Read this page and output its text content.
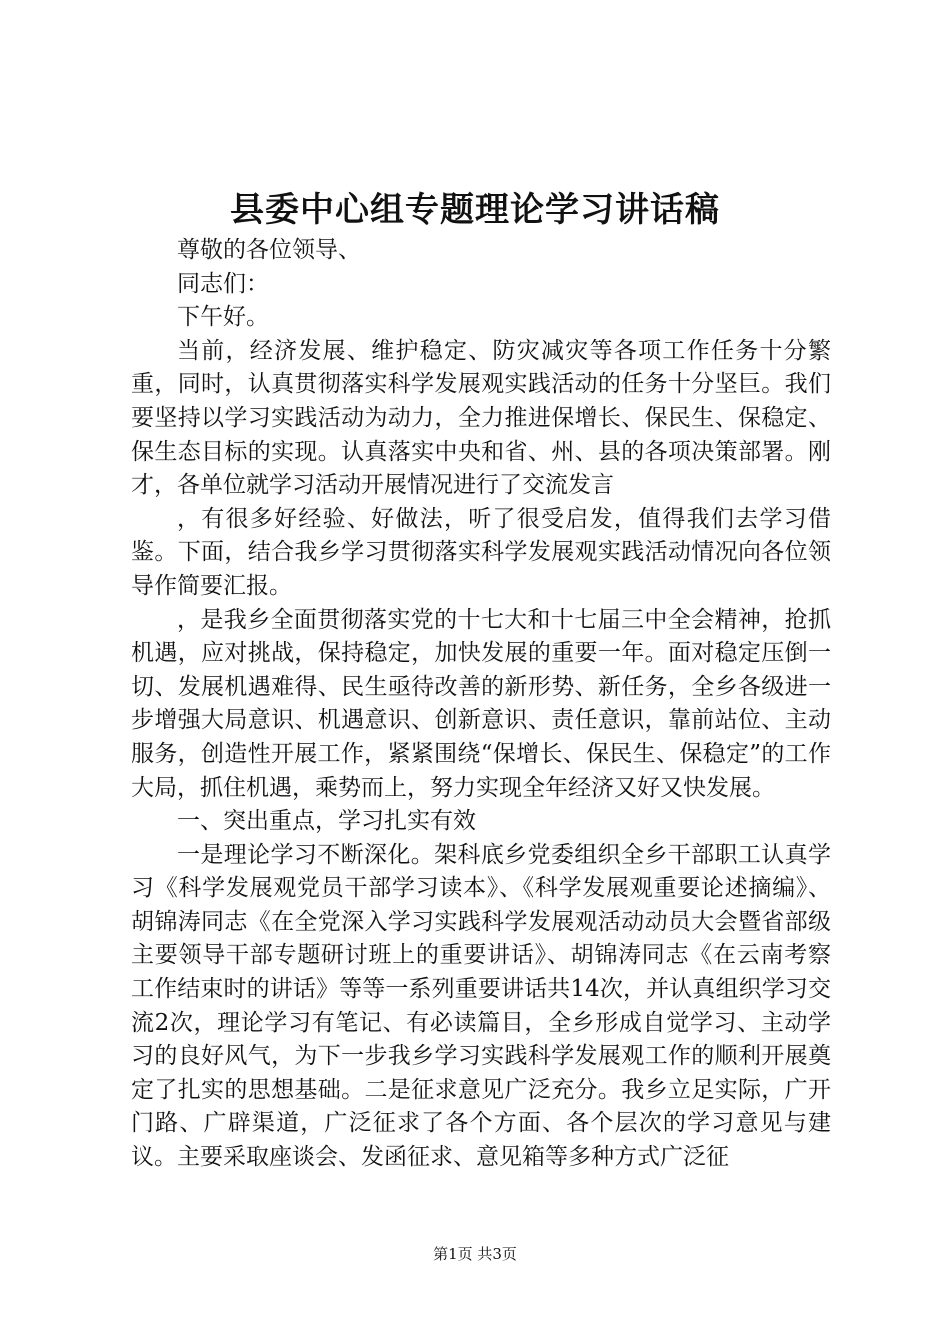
县委中心组专题理论学习讲话稿

尊敬的各位领导、

同志们：

下午好。

当前，经济发展、维护稳定、防灾减灾等各项工作任务十分繁重，同时，认真贯彻落实科学发展观实践活动的任务十分坚巨。我们要坚持以学习实践活动为动力，全力推进保增长、保民生、保稳定、保生态目标的实现。认真落实中央和省、州、县的各项决策部署。刚才，各单位就学习活动开展情况进行了交流发言

，有很多好经验、好做法，听了很受启发，值得我们去学习借鉴。下面，结合我乡学习贯彻落实科学发展观实践活动情况向各位领导作简要汇报。

，是我乡全面贯彻落实党的十七大和十七届三中全会精神，抢抓机遇，应对挑战，保持稳定，加快发展的重要一年。面对稳定压倒一切、发展机遇难得、民生亟待改善的新形势、新任务，全乡各级进一步增强大局意识、机遇意识、创新意识、责任意识，靠前站位、主动服务，创造性开展工作，紧紧围绕“保增长、保民生、保稳定”的工作大局，抓住机遇，乘势而上，努力实现全年经济又好又快发展。

一、突出重点，学习扎实有效

一是理论学习不断深化。架科底乡党委组织全乡干部职工认真学习《科学发展观党员干部学习读本》、《科学发展观重要论述摘编》、胡锦涛同志《在全党深入学习实践科学发展观活动动员大会暨省部级主要领导干部专题研讨班上的重要讲话》、胡锦涛同志《在云南考察工作结束时的讲话》等等一系列重要讲话共14次，并认真组织学习交流2次，理论学习有笔记、有必读篇目，全乡形成自觉学习、主动学习的良好风气，为下一步我乡学习实践科学发展观工作的顺利开展奠定了扎实的思想基础。二是征求意见广泛充分。我乡立足实际，广开门路、广辟渠道，广泛征求了各个方面、各个层次的学习意见与建议。主要采取座谈会、发函征求、意见箱等多种方式广泛征

第1页 共3页
